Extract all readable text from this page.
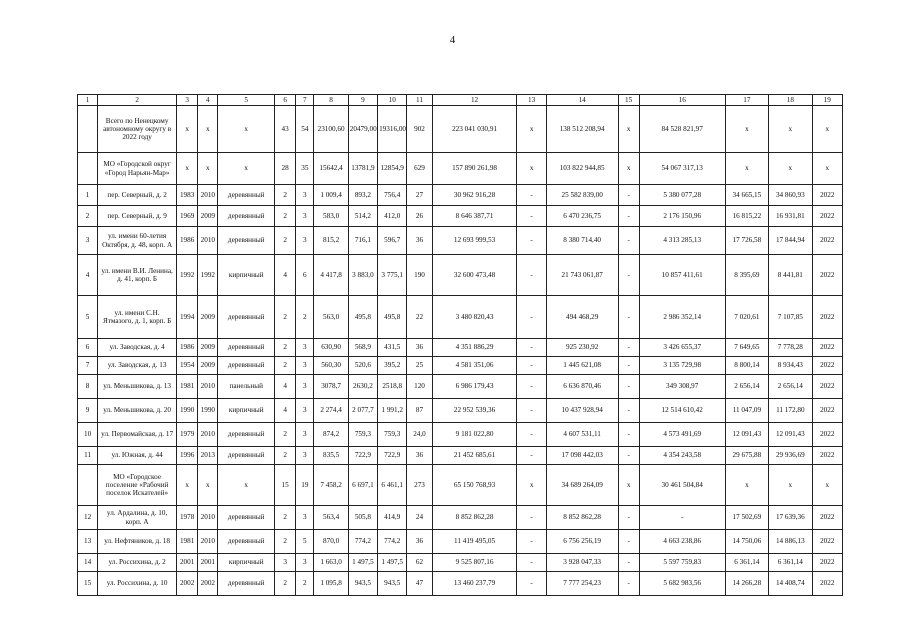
4
1	2	3	4	5	6	7	8	9	10	11	12	13	14	15	16	17	18	19
	Всего по Ненецкому автономному округу в 2022 году	x	x	x	43	54	23100,60	20479,00	19316,00	902	223 041 030,91	x	138 512 208,94	x	84 528 821,97	x	x	x
	МО «Городской округ «Город Нарьян-Мар»	x	x	x	28	35	15642,4	13781,9	12854,9	629	157 890 261,98	x	103 822 944,85	x	54 067 317,13	x	x	x
1	пер. Северный, д. 2	1983	2010	деревянный	2	3	1 009,4	893,2	756,4	27	30 962 916,28	-	25 582 839,00	-	5 380 077,28	34 665,15	34 860,93	2022
2	пер. Северный, д. 9	1969	2009	деревянный	2	3	583,0	514,2	412,0	26	8 646 387,71	-	6 470 236,75	-	2 176 150,96	16 815,22	16 931,81	2022
3	ул. имени 60-летия Октября, д. 48, корп. А	1986	2010	деревянный	2	3	815,2	716,1	596,7	36	12 693 999,53	-	8 380 714,40	-	4 313 285,13	17 726,58	17 844,94	2022
4	ул. имени В.И. Ленина, д. 41, корп. Б	1992	1992	кирпичный	4	6	4 417,8	3 883,0	3 775,1	190	32 600 473,48	-	21 743 061,87	-	10 857 411,61	8 395,69	8 441,81	2022
5	ул. имени С.Н. Ятмазого, д. 1, корп. Б	1994	2009	деревянный	2	2	563,0	495,8	495,8	22	3 480 820,43	-	494 468,29	-	2 986 352,14	7 020,61	7 107,85	2022
6	ул. Заводская, д. 4	1986	2009	деревянный	2	3	630,90	568,9	431,5	36	4 351 886,29	-	925 230,92	-	3 426 655,37	7 649,65	7 778,28	2022
7	ул. Заводская, д. 13	1954	2009	деревянный	2	3	560,30	520,6	395,2	25	4 581 351,06	-	1 445 621,08	-	3 135 729,98	8 800,14	8 934,43	2022
8	ул. Меньшикова, д. 13	1981	2010	панельный	4	3	3078,7	2630,2	2518,8	120	6 986 179,43	-	6 636 870,46	-	349 308,97	2 656,14	2 656,14	2022
9	ул. Меньшикова, д. 20	1990	1990	кирпичный	4	3	2 274,4	2 077,7	1 991,2	87	22 952 539,36	-	10 437 928,94	-	12 514 610,42	11 047,09	11 172,80	2022
10	ул. Первомайская, д. 17	1979	2010	деревянный	2	3	874,2	759,3	759,3	24,0	9 181 022,80	-	4 607 531,11	-	4 573 491,69	12 091,43	12 091,43	2022
11	ул. Южная, д. 44	1996	2013	деревянный	2	3	835,5	722,9	722,9	36	21 452 685,61	-	17 098 442,03	-	4 354 243,58	29 675,88	29 936,69	2022
	МО «Городское поселение «Рабочий поселок Искателей»	x	x	x	15	19	7 458,2	6 697,1	6 461,1	273	65 150 768,93	x	34 689 264,09	x	30 461 504,84	x	x	x
12	ул. Ардалина, д. 10, корп. А	1978	2010	деревянный	2	3	563,4	505,8	414,9	24	8 852 862,28	-	8 852 862,28	-	-	17 502,69	17 639,36	2022
13	ул. Нефтяников, д. 18	1981	2010	деревянный	2	5	870,0	774,2	774,2	36	11 419 495,05	-	6 756 256,19	-	4 663 238,86	14 750,06	14 886,13	2022
14	ул. Россихина, д. 2	2001	2001	кирпичный	3	3	1 663,0	1 497,5	1 497,5	62	9 525 807,16	-	3 928 047,33	-	5 597 759,83	6 361,14	6 361,14	2022
15	ул. Россихина, д. 10	2002	2002	деревянный	2	2	1 095,8	943,5	943,5	47	13 460 237,79	-	7 777 254,23	-	5 682 983,56	14 266,28	14 408,74	2022
